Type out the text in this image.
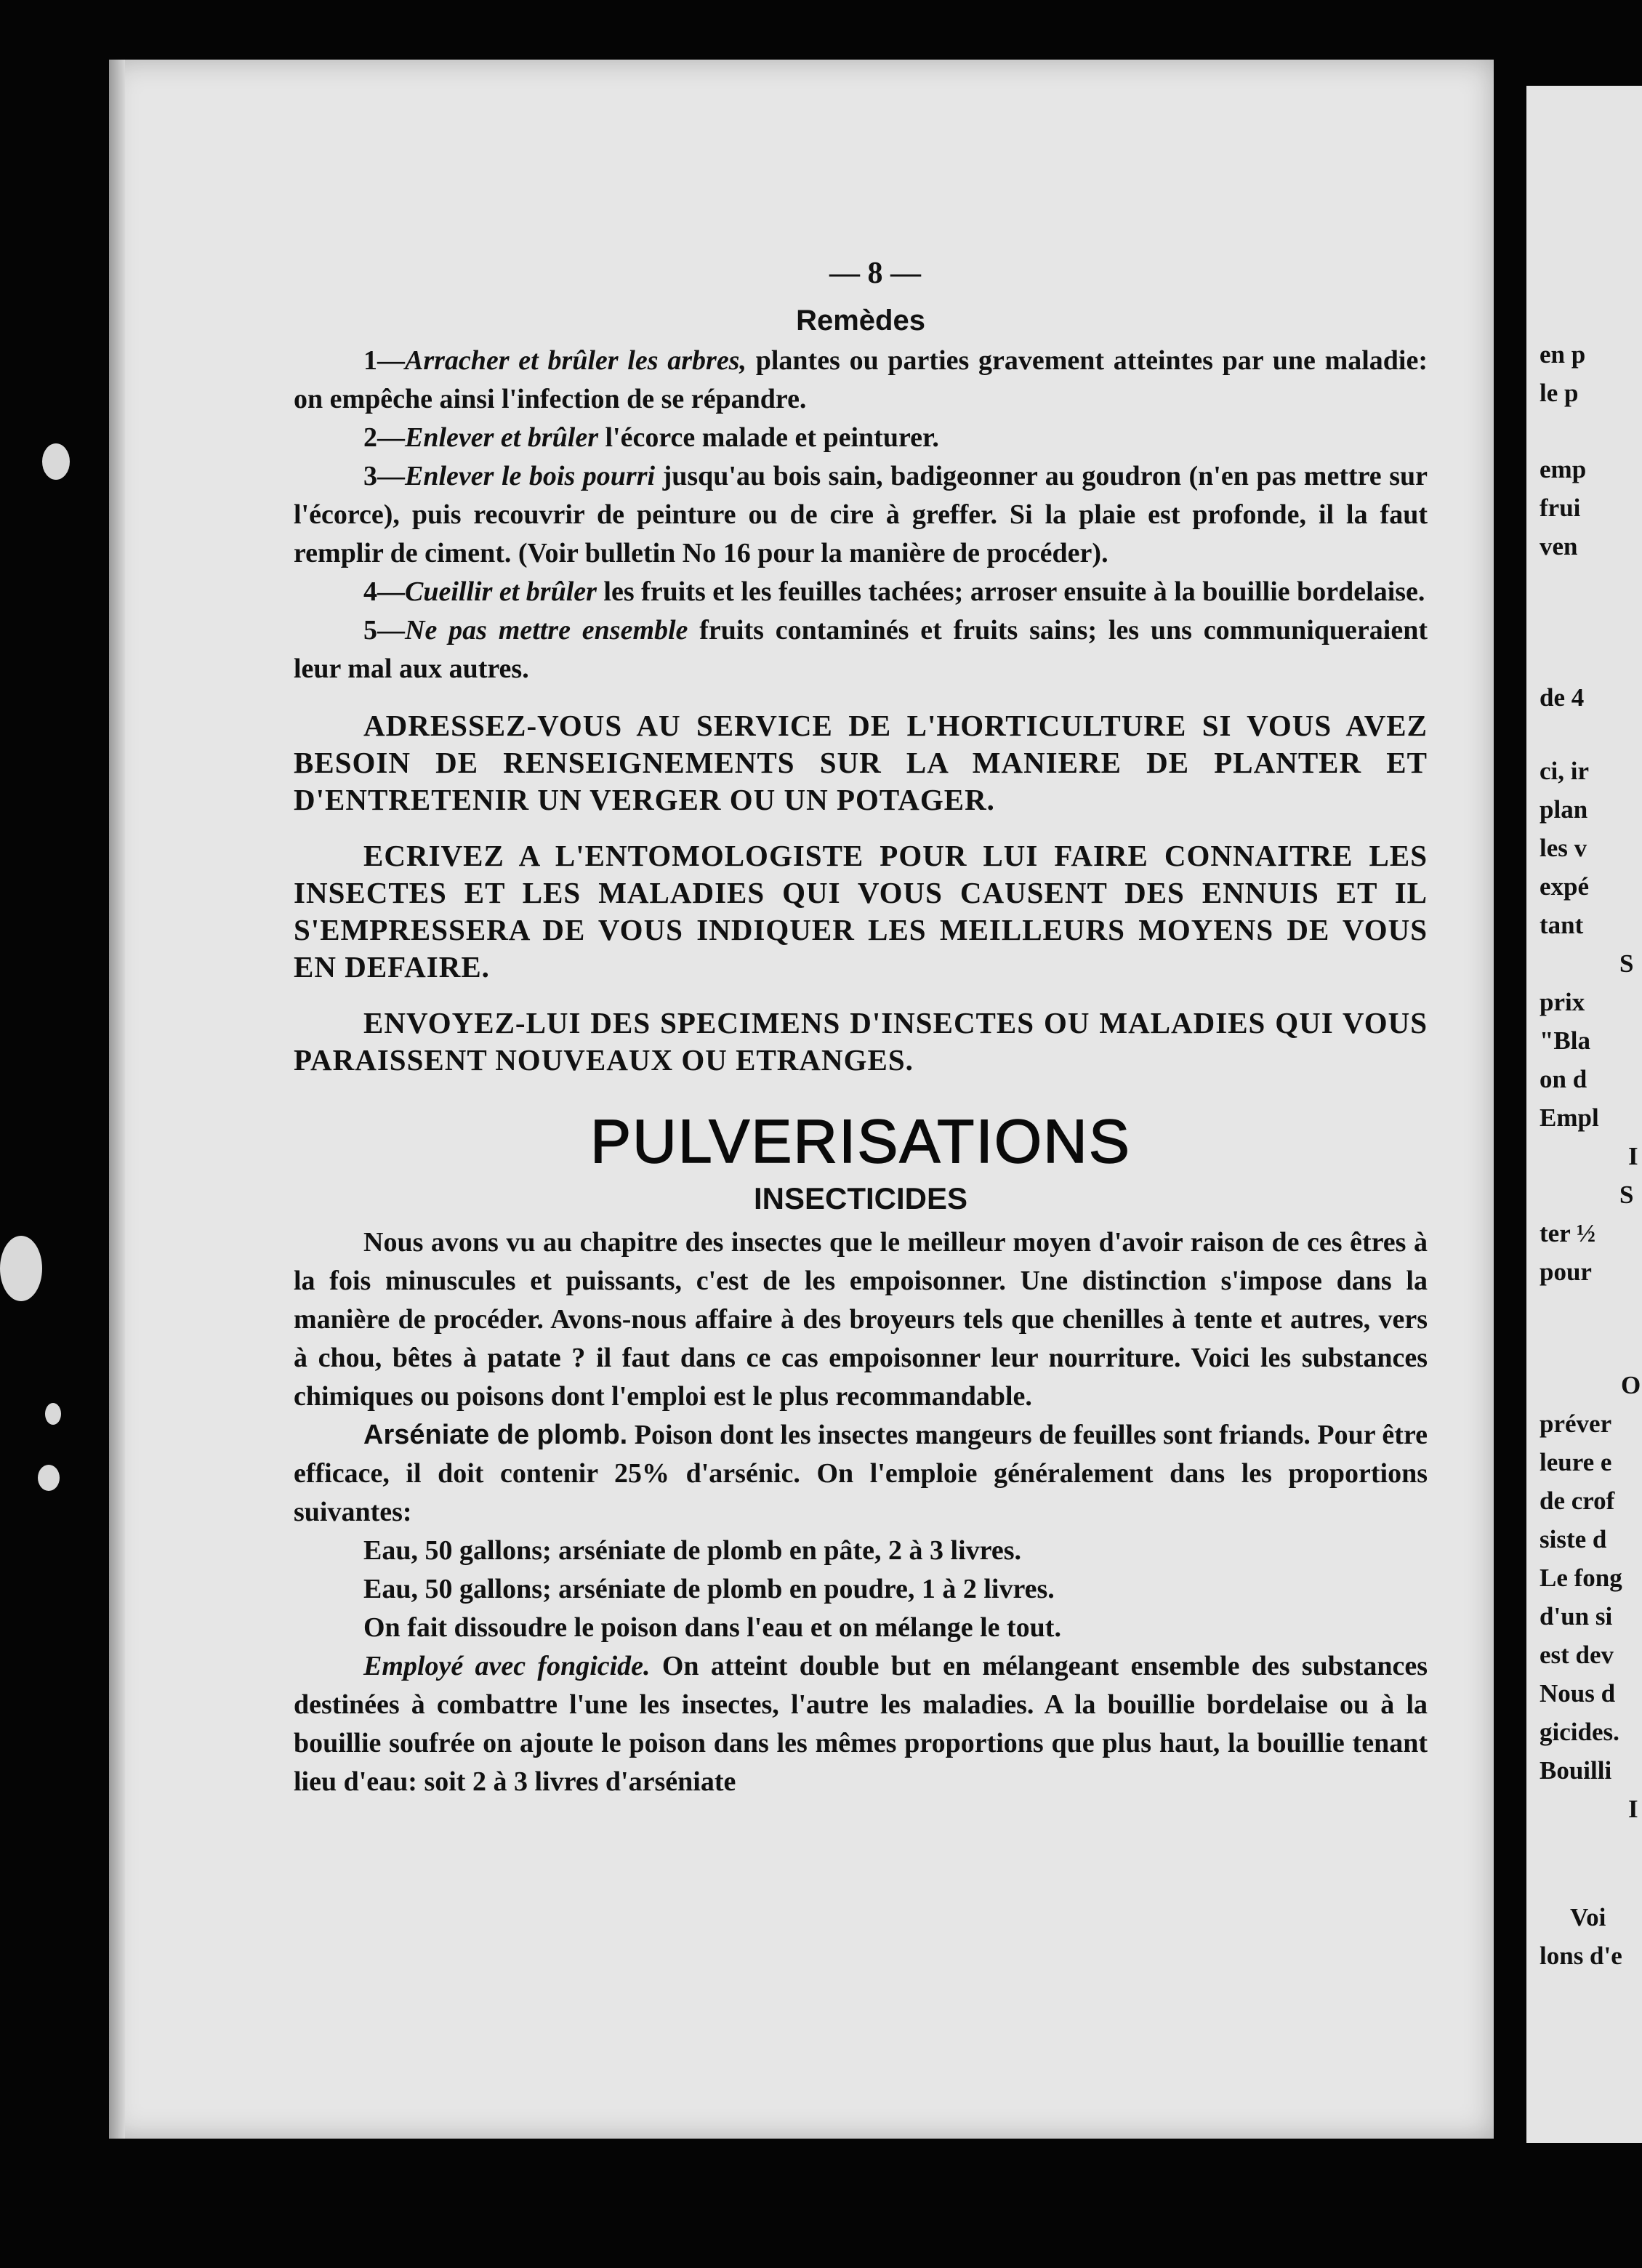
en p
le p
emp
frui
ven
de 4
ci, ir
plan
les v
expé
tant
S
prix
"Bla
on d
Empl
I
S
ter ½
pour
O
préver
leure e
de crof
siste d
Le fong
d'un si
est dev
Nous d
gicides.
Bouilli
I
Voi
lons d'e
— 8 —
Remèdes

1—Arracher et brûler les arbres, plantes ou parties gravement atteintes par une maladie: on empêche ainsi l'infection de se répandre.

2—Enlever et brûler l'écorce malade et peinturer.

3—Enlever le bois pourri jusqu'au bois sain, badigeonner au goudron (n'en pas mettre sur l'écorce), puis recouvrir de peinture ou de cire à greffer. Si la plaie est profonde, il la faut remplir de ciment. (Voir bulletin No 16 pour la manière de procéder).

4—Cueillir et brûler les fruits et les feuilles tachées; arroser ensuite à la bouillie bordelaise.

5—Ne pas mettre ensemble fruits contaminés et fruits sains; les uns communiqueraient leur mal aux autres.

ADRESSEZ-VOUS AU SERVICE DE L'HORTICULTURE SI VOUS AVEZ BESOIN DE RENSEIGNEMENTS SUR LA MANIERE DE PLANTER ET D'ENTRETENIR UN VERGER OU UN POTAGER.

ECRIVEZ A L'ENTOMOLOGISTE POUR LUI FAIRE CONNAITRE LES INSECTES ET LES MALADIES QUI VOUS CAUSENT DES ENNUIS ET IL S'EMPRESSERA DE VOUS INDIQUER LES MEILLEURS MOYENS DE VOUS EN DEFAIRE.

ENVOYEZ-LUI DES SPECIMENS D'INSECTES OU MALADIES QUI VOUS PARAISSENT NOUVEAUX OU ETRANGES.

PULVERISATIONS
INSECTICIDES

Nous avons vu au chapitre des insectes que le meilleur moyen d'avoir raison de ces êtres à la fois minuscules et puissants, c'est de les empoisonner. Une distinction s'impose dans la manière de procéder. Avons-nous affaire à des broyeurs tels que chenilles à tente et autres, vers à chou, bêtes à patate ? il faut dans ce cas empoisonner leur nourriture. Voici les substances chimiques ou poisons dont l'emploi est le plus recommandable.

Arséniate de plomb. Poison dont les insectes mangeurs de feuilles sont friands. Pour être efficace, il doit contenir 25% d'arsénic. On l'emploie généralement dans les proportions suivantes:

Eau, 50 gallons; arséniate de plomb en pâte, 2 à 3 livres.

Eau, 50 gallons; arséniate de plomb en poudre, 1 à 2 livres.

On fait dissoudre le poison dans l'eau et on mélange le tout.

Employé avec fongicide. On atteint double but en mélangeant ensemble des substances destinées à combattre l'une les insectes, l'autre les maladies. A la bouillie bordelaise ou à la bouillie soufrée on ajoute le poison dans les mêmes proportions que plus haut, la bouillie tenant lieu d'eau: soit 2 à 3 livres d'arséniate
